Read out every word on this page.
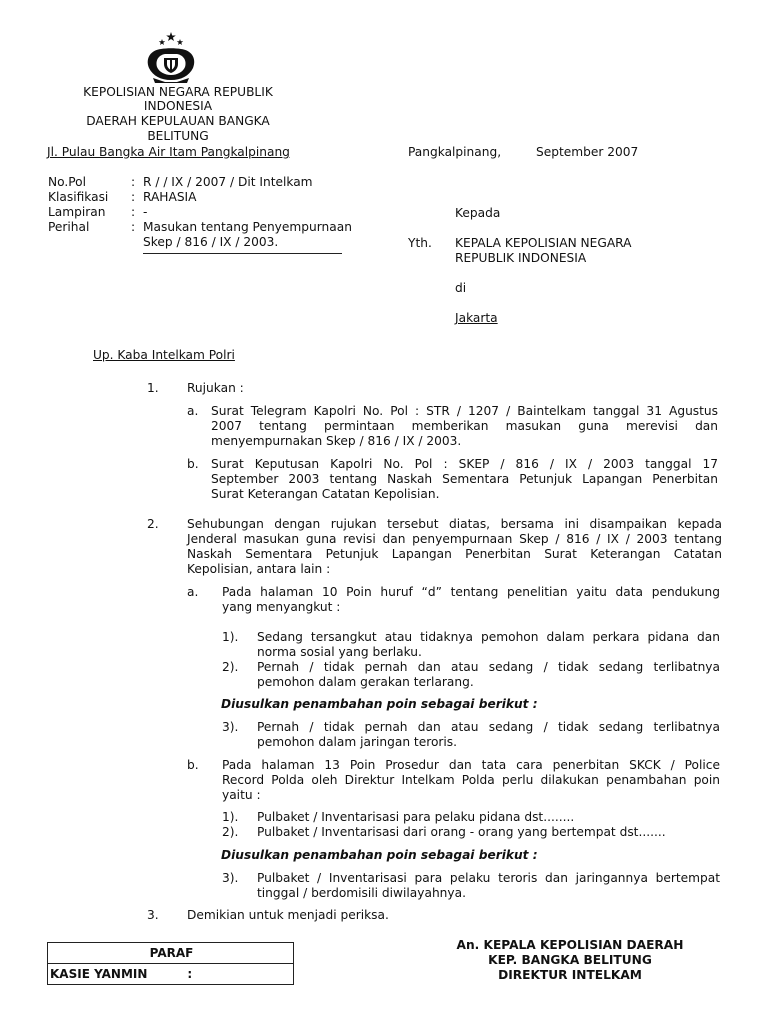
KEPOLISIAN NEGARA REPUBLIK
INDONESIA
DAERAH KEPULAUAN BANGKA
BELITUNG
Jl. Pulau Bangka Air Itam Pangkalpinang	Pangkalpinang,	September 2007
No.Pol	: R / / IX / 2007 / Dit Intelkam
Klasifikasi : RAHASIA
Lampiran : -
Perihal	: Masukan tentang Penyempurnaan
Skep / 816 / IX / 2003.
Kepada
Yth. KEPALA KEPOLISIAN NEGARA
REPUBLIK INDONESIA
di
Jakarta
Up. Kaba Intelkam Polri
1. Rujukan :
a. Surat Telegram Kapolri No. Pol : STR / 1207 / Baintelkam tanggal 31 Agustus
2007 tentang permintaan memberikan masukan guna merevisi dan
menyempurnakan Skep / 816 / IX / 2003.
b. Surat Keputusan Kapolri No. Pol : SKEP / 816 / IX / 2003 tanggal 17
September 2003 tentang Naskah Sementara Petunjuk Lapangan Penerbitan
Surat Keterangan Catatan Kepolisian.
2. Sehubungan dengan rujukan tersebut diatas, bersama ini disampaikan kepada
Jenderal masukan guna revisi dan penyempurnaan Skep / 816 / IX / 2003 tentang
Naskah Sementara Petunjuk Lapangan Penerbitan Surat Keterangan Catatan
Kepolisian, antara lain :
a. Pada halaman 10 Poin huruf “d” tentang penelitian yaitu data pendukung
yang menyangkut :
1). Sedang tersangkut atau tidaknya pemohon dalam perkara pidana dan
norma sosial yang berlaku.
2). Pernah / tidak pernah dan atau sedang / tidak sedang terlibatnya
pemohon dalam gerakan terlarang.
Diusulkan penambahan poin sebagai berikut :
3). Pernah / tidak pernah dan atau sedang / tidak sedang terlibatnya
pemohon dalam jaringan teroris.
b. Pada halaman 13 Poin Prosedur dan tata cara penerbitan SKCK / Police
Record Polda oleh Direktur Intelkam Polda perlu dilakukan penambahan poin
yaitu :
1). Pulbaket / Inventarisasi para pelaku pidana dst........
2). Pulbaket / Inventarisasi dari orang - orang yang bertempat dst.......
Diusulkan penambahan poin sebagai berikut :
3). Pulbaket / Inventarisasi para pelaku teroris dan jaringannya bertempat
tinggal / berdomisili diwilayahnya.
3. Demikian untuk menjadi periksa.
PARAF
KASIE YANMIN	:
An. KEPALA KEPOLISIAN DAERAH
KEP. BANGKA BELITUNG
DIREKTUR INTELKAM
